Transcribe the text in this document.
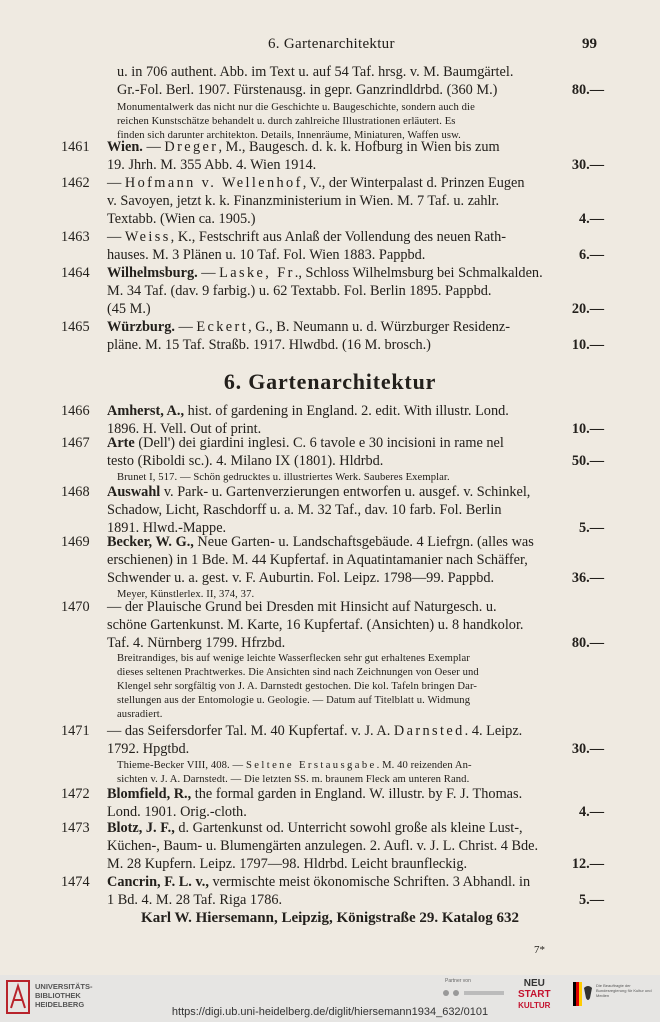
6. Gartenarchitektur	99
u. in 706 authent. Abb. im Text u. auf 54 Taf. hrsg. v. M. Baumgärtel.
Gr.-Fol. Berl. 1907. Fürstenausg. in gepr. Ganzrindldrbd. (360 M.)	80.—
Monumentalwerk das nicht nur die Geschichte u. Baugeschichte, sondern auch die
reichen Kunstschätze behandelt u. durch zahlreiche Illustrationen erläutert. Es
finden sich darunter architekton. Details, Innenräume, Miniaturen, Waffen usw.
1461 Wien. — Dreger, M., Baugesch. d. k. k. Hofburg in Wien bis zum
19. Jhrh. M. 355 Abb. 4. Wien 1914.	30.—
1462 — Hofmann v. Wellenhof, V., der Winterpalast d. Prinzen Eugen
v. Savoyen, jetzt k. k. Finanzministerium in Wien. M. 7 Taf. u. zahlr.
Textabb. (Wien ca. 1905.)	4.—
1463 — Weiss, K., Festschrift aus Anlaß der Vollendung des neuen Rath-
hauses. M. 3 Plänen u. 10 Taf. Fol. Wien 1883. Pappbd.	6.—
1464 Wilhelmsburg. — Laske, Fr., Schloss Wilhelmsburg bei Schmalkalden.
M. 34 Taf. (dav. 9 farbig.) u. 62 Textabb. Fol. Berlin 1895. Pappbd.
(45 M.)	20.—
1465 Würzburg. — Eckert, G., B. Neumann u. d. Würzburger Residenz-
pläne. M. 15 Taf. Straßb. 1917. Hlwdbd. (16 M. brosch.)	10.—
1466 Amherst, A., hist. of gardening in England. 2. edit. With illustr. Lond.
1896. H. Vell. Out of print.	10.—
1467 Arte (Dell') dei giardini inglesi. C. 6 tavole e 30 incisioni in rame nel
testo (Riboldi sc.). 4. Milano IX (1801). Hldrbd.	50.—
Brunet I, 517. — Schön gedrucktes u. illustriertes Werk. Sauberes Exemplar.
1468 Auswahl v. Park- u. Gartenverzierungen entworfen u. ausgef. v. Schinkel,
Schadow, Licht, Raschdorff u. a. M. 32 Taf., dav. 10 farb. Fol. Berlin
1891. Hlwd.-Mappe.	5.—
1469 Becker, W. G., Neue Garten- u. Landschaftsgebäude. 4 Liefrgn. (alles was
erschienen) in 1 Bde. M. 44 Kupfertaf. in Aquatintamanier nach Schäffer,
Schwender u. a. gest. v. F. Auburtin. Fol. Leipz. 1798—99. Pappbd.	36.—
Meyer, Künstlerlex. II, 374, 37.
1470 — der Plauische Grund bei Dresden mit Hinsicht auf Naturgesch. u.
schöne Gartenkunst. M. Karte, 16 Kupfertaf. (Ansichten) u. 8 handkolor.
Taf. 4. Nürnberg 1799. Hfrzbd.	80.—
Breitrandiges, bis auf wenige leichte Wasserflecken sehr gut erhaltenes Exemplar
dieses seltenen Prachtwerkes. Die Ansichten sind nach Zeichnungen von Oeser und
Klengel sehr sorgfältig von J. A. Darnstedt gestochen. Die kol. Tafeln bringen Dar-
stellungen aus der Entomologie u. Geologie. — Datum auf Titelblatt u. Widmung
ausradiert.
1471 — das Seifersdorfer Tal. M. 40 Kupfertaf. v. J. A. Darnsted. 4. Leipz.
1792. Hpgtbd.	30.—
Thieme-Becker VIII, 408. — Seltene Erstausgabe. M. 40 reizenden An-
sichten v. J. A. Darnstedt. — Die letzten SS. m. braunem Fleck am unteren Rand.
1472 Blomfield, R., the formal garden in England. W. illustr. by F. J. Thomas.
Lond. 1901. Orig.-cloth.	4.—
1473 Blotz, J. F., d. Gartenkunst od. Unterricht sowohl große als kleine Lust-,
Küchen-, Baum- u. Blumengärten anzulegen. 2. Aufl. v. J. L. Christ. 4 Bde.
M. 28 Kupfern. Leipz. 1797—98. Hldrbd. Leicht braunfleckig.	12.—
1474 Cancrin, F. L. v., vermischte meist ökonomische Schriften. 3 Abhandl. in
1 Bd. 4. M. 28 Taf. Riga 1786.	5.—
6. Gartenarchitektur
Karl W. Hiersemann, Leipzig, Königstraße 29. Katalog 632
7*
UNIVERSITÄTS-
BIBLIOTHEK
HEIDELBERG
Partner von	NEU
START
KULTUR
Die Beauftragte der Bundesregierung für Kultur und Medien
https://digi.ub.uni-heidelberg.de/diglit/hiersemann1934_632/0101
